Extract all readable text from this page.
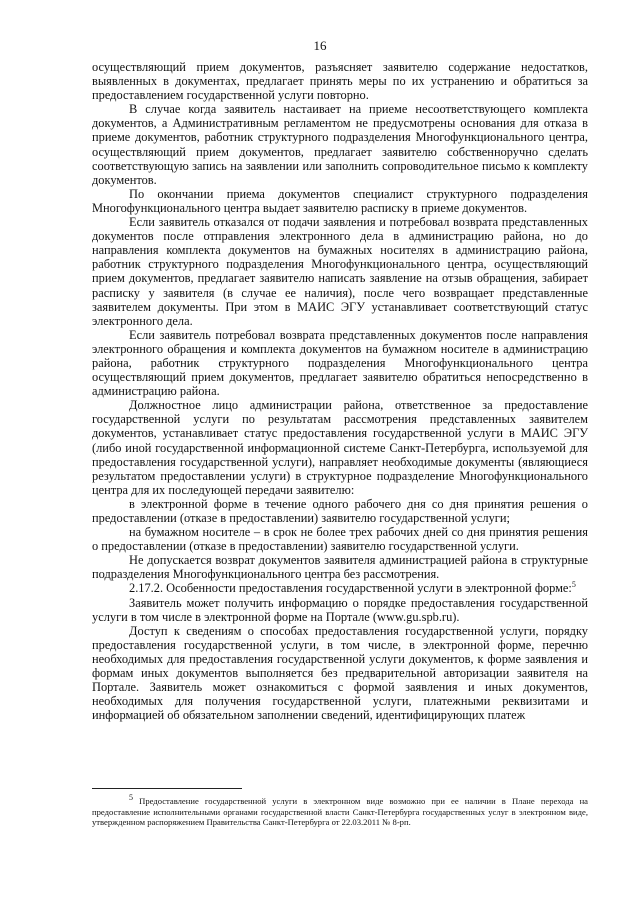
16

осуществляющий прием документов, разъясняет заявителю содержание недостатков, выявленных в документах, предлагает принять меры по их устранению и обратиться за предоставлением государственной услуги повторно.

В случае когда заявитель настаивает на приеме несоответствующего комплекта документов, а Административным регламентом не предусмотрены основания для отказа в приеме документов, работник структурного подразделения Многофункционального центра, осуществляющий прием документов, предлагает заявителю собственноручно сделать соответствующую запись на заявлении или заполнить сопроводительное письмо к комплекту документов.

По окончании приема документов специалист структурного подразделения Многофункционального центра выдает заявителю расписку в приеме документов.

Если заявитель отказался от подачи заявления и потребовал возврата представленных документов после отправления электронного дела в администрацию района, но до направления комплекта документов на бумажных носителях в администрацию района, работник структурного подразделения Многофункционального центра, осуществляющий прием документов, предлагает заявителю написать заявление на отзыв обращения, забирает расписку у заявителя (в случае ее наличия), после чего возвращает представленные заявителем документы. При этом в МАИС ЭГУ устанавливает соответствующий статус электронного дела.

Если заявитель потребовал возврата представленных документов после направления электронного обращения и комплекта документов на бумажном носителе в администрацию района, работник структурного подразделения Многофункционального центра осуществляющий прием документов, предлагает заявителю обратиться непосредственно в администрацию района.

Должностное лицо администрации района, ответственное за предоставление государственной услуги по результатам рассмотрения представленных заявителем документов, устанавливает статус предоставления государственной услуги в МАИС ЭГУ (либо иной государственной информационной системе Санкт-Петербурга, используемой для предоставления государственной услуги), направляет необходимые документы (являющиеся результатом предоставлении услуги) в структурное подразделение Многофункционального центра для их последующей передачи заявителю:

в электронной форме в течение одного рабочего дня со дня принятия решения о предоставлении (отказе в предоставлении) заявителю государственной услуги;

на бумажном носителе – в срок не более трех рабочих дней со дня принятия решения о предоставлении (отказе в предоставлении) заявителю государственной услуги.

Не допускается возврат документов заявителя администрацией района в структурные подразделения Многофункционального центра без рассмотрения.

2.17.2. Особенности предоставления государственной услуги в электронной форме:$^5$

Заявитель может получить информацию о порядке предоставления государственной услуги в том числе в электронной форме на Портале (www.gu.spb.ru).

Доступ к сведениям о способах предоставления государственной услуги, порядку предоставления государственной услуги, в том числе, в электронной форме, перечню необходимых для предоставления государственной услуги документов, к форме заявления и формам иных документов выполняется без предварительной авторизации заявителя на Портале. Заявитель может ознакомиться с формой заявления и иных документов, необходимых для получения государственной услуги, платежными реквизитами и информацией об обязательном заполнении сведений, идентифицирующих платеж

$^5$ Предоставление государственной услуги в электронном виде возможно при ее наличии в Плане перехода на предоставление исполнительными органами государственной власти Санкт-Петербурга государственных услуг в электронном виде, утвержденном распоряжением Правительства Санкт-Петербурга от 22.03.2011 № 8-рп.
